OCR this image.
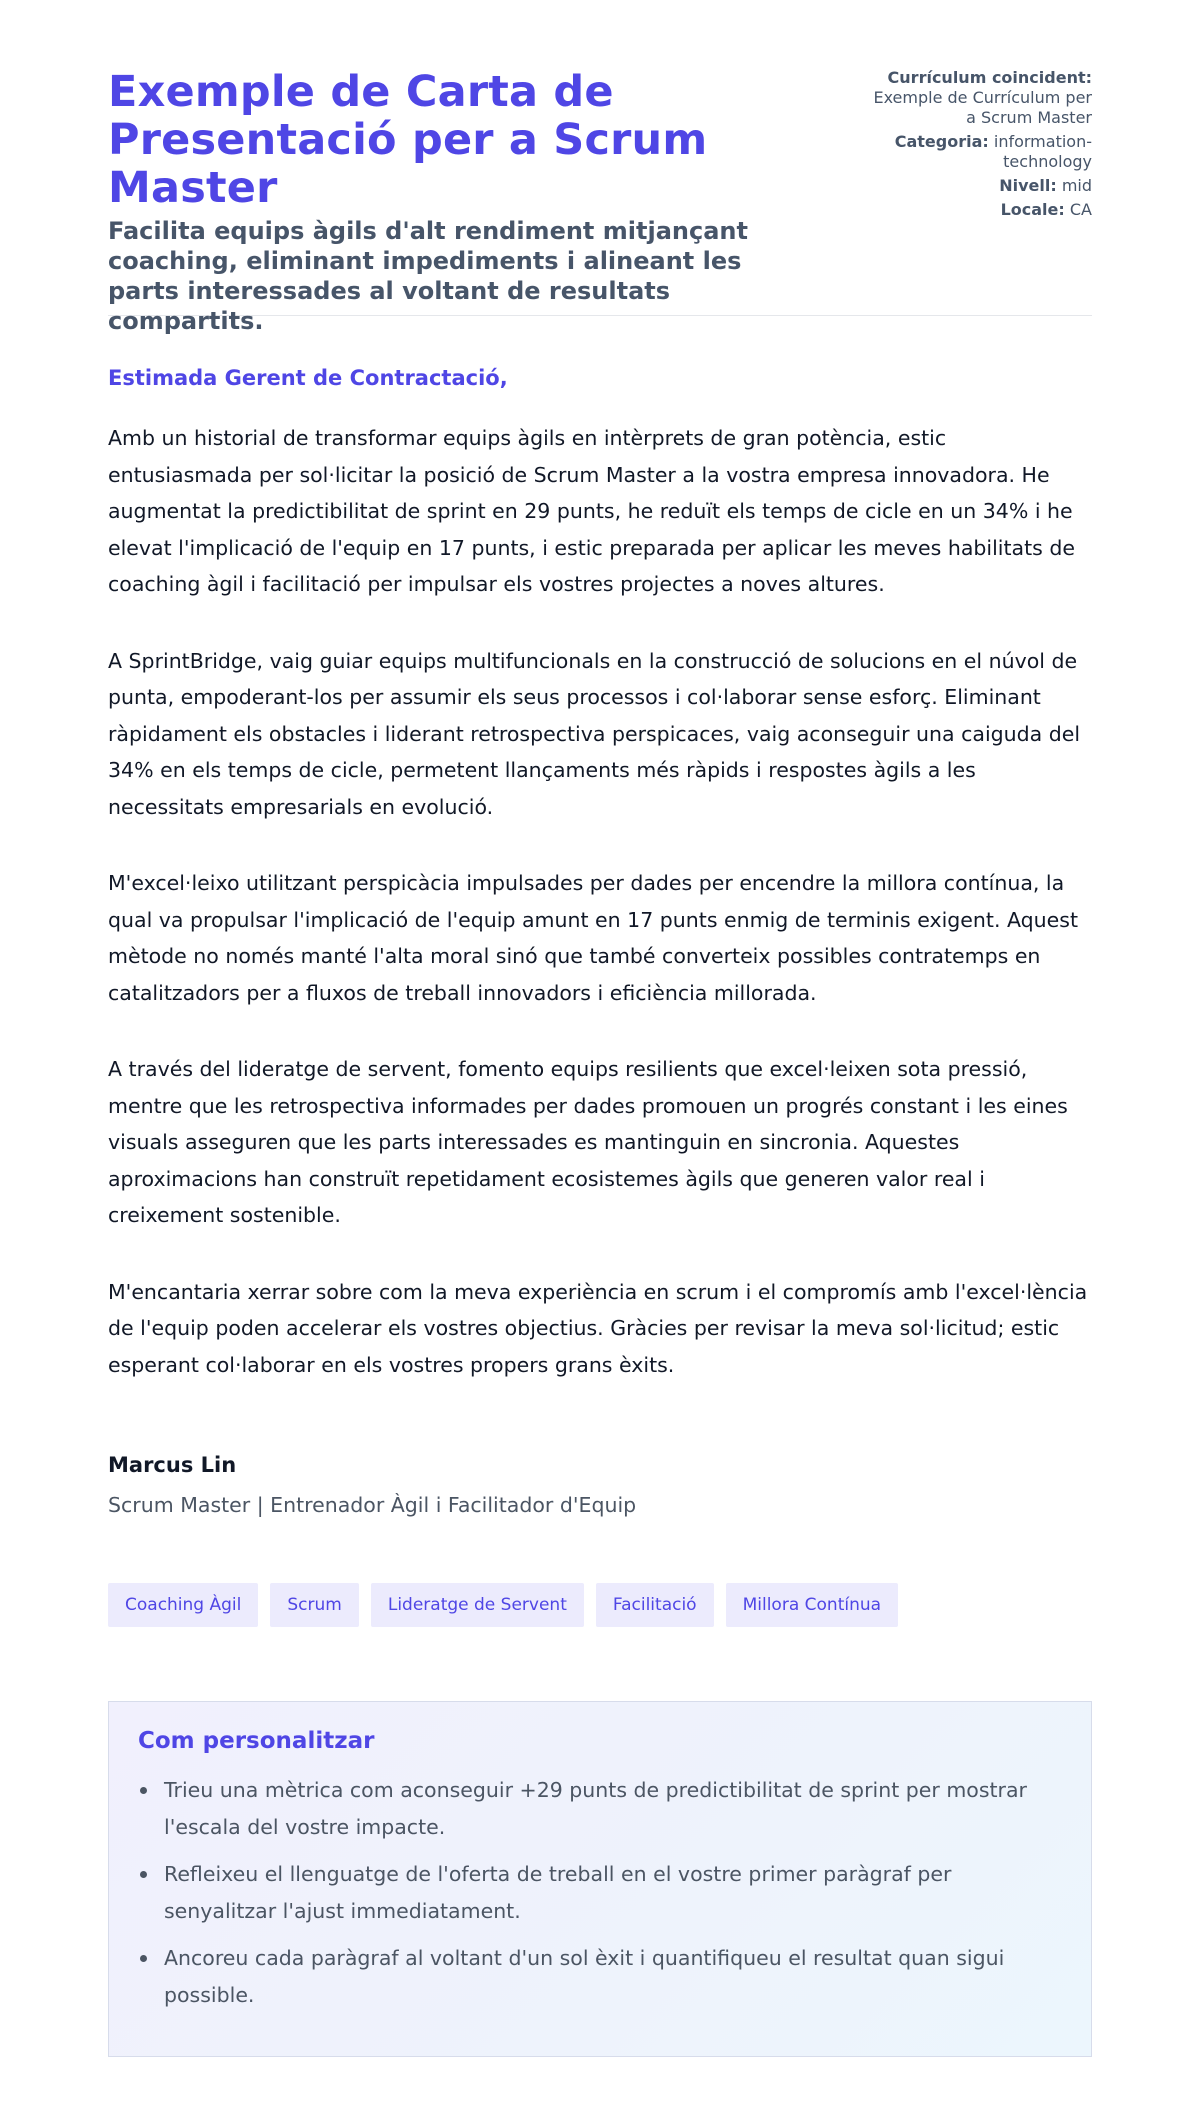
Exemple de Carta de Presentació per a Scrum Master
Facilita equips àgils d'alt rendiment mitjançant coaching, eliminant impediments i alineant les parts interessades al voltant de resultats compartits.
Currículum coincident: Exemple de Currículum per a Scrum Master
Categoria: information-technology
Nivell: mid
Locale: CA

Estimada Gerent de Contractació,

Amb un historial de transformar equips àgils en intèrprets de gran potència, estic entusiasmada per sol·licitar la posició de Scrum Master a la vostra empresa innovadora. He augmentat la predictibilitat de sprint en 29 punts, he reduït els temps de cicle en un 34% i he elevat l'implicació de l'equip en 17 punts, i estic preparada per aplicar les meves habilitats de coaching àgil i facilitació per impulsar els vostres projectes a noves altures.

A SprintBridge, vaig guiar equips multifuncionals en la construcció de solucions en el núvol de punta, empoderant-los per assumir els seus processos i col·laborar sense esforç. Eliminant ràpidament els obstacles i liderant retrospectiva perspicaces, vaig aconseguir una caiguda del 34% en els temps de cicle, permetent llançaments més ràpids i respostes àgils a les necessitats empresarials en evolució.

M'excel·leixo utilitzant perspicàcia impulsades per dades per encendre la millora contínua, la qual va propulsar l'implicació de l'equip amunt en 17 punts enmig de terminis exigent. Aquest mètode no només manté l'alta moral sinó que també converteix possibles contratemps en catalitzadors per a fluxos de treball innovadors i eficiència millorada.

A través del lideratge de servent, fomento equips resilients que excel·leixen sota pressió, mentre que les retrospectiva informades per dades promouen un progrés constant i les eines visuals asseguren que les parts interessades es mantinguin en sincronia. Aquestes aproximacions han construït repetidament ecosistemes àgils que generen valor real i creixement sostenible.

M'encantaria xerrar sobre com la meva experiència en scrum i el compromís amb l'excel·lència de l'equip poden accelerar els vostres objectius. Gràcies per revisar la meva sol·licitud; estic esperant col·laborar en els vostres propers grans èxits.

Marcus Lin
Scrum Master | Entrenador Àgil i Facilitador d'Equip
Coaching Àgil	Scrum	Lideratge de Servent	Facilitació	Millora Contínua
Com personalitzar
Trieu una mètrica com aconseguir +29 punts de predictibilitat de sprint per mostrar l'escala del vostre impacte.
Refleixeu el llenguatge de l'oferta de treball en el vostre primer paràgraf per senyalitzar l'ajust immediatament.
Ancoreu cada paràgraf al voltant d'un sol èxit i quantifiqueu el resultat quan sigui possible.
